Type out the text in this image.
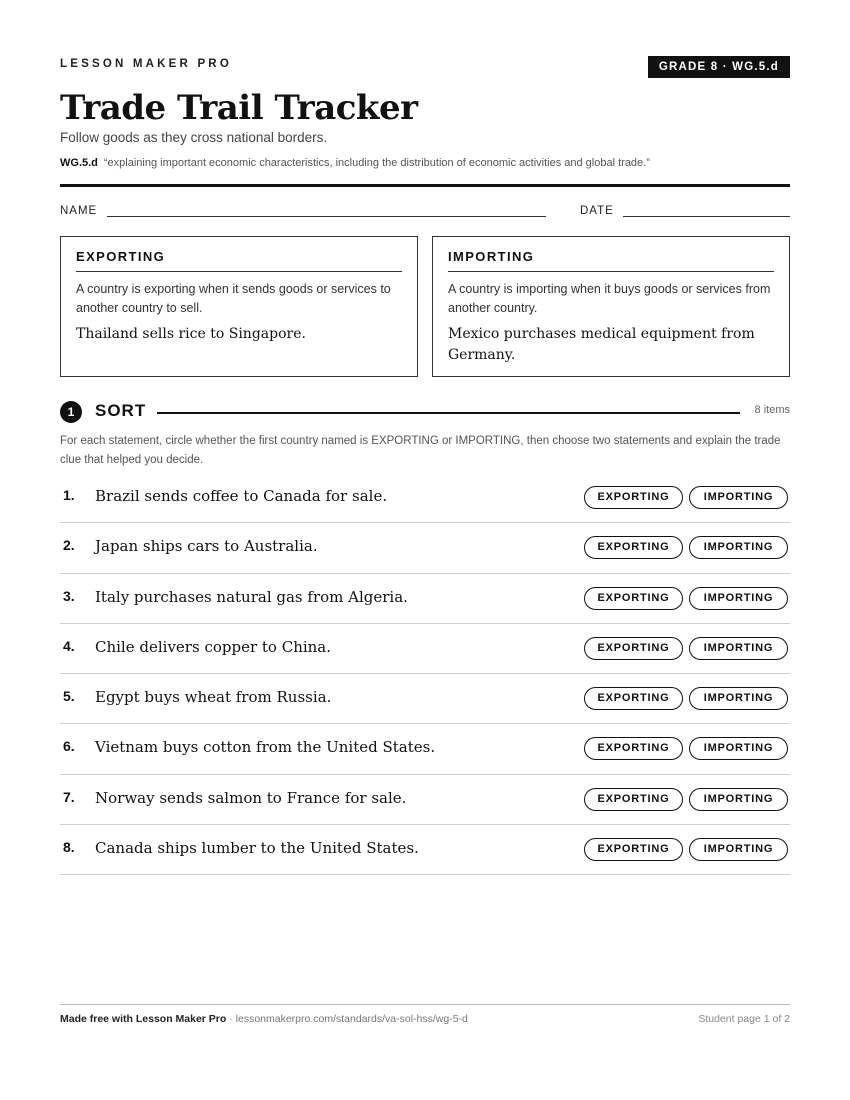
LESSON MAKER PRO	GRADE 8 · WG.5.d
Trade Trail Tracker
Follow goods as they cross national borders.
WG.5.d “explaining important economic characteristics, including the distribution of economic activities and global trade.”
NAME	DATE
EXPORTING
A country is exporting when it sends goods or services to another country to sell.
Thailand sells rice to Singapore.
IMPORTING
A country is importing when it buys goods or services from another country.
Mexico purchases medical equipment from Germany.
1	SORT	8 items
For each statement, circle whether the first country named is EXPORTING or IMPORTING, then choose two statements and explain the trade clue that helped you decide.
1. Brazil sends coffee to Canada for sale.	EXPORTING	IMPORTING
2. Japan ships cars to Australia.	EXPORTING	IMPORTING
3. Italy purchases natural gas from Algeria.	EXPORTING	IMPORTING
4. Chile delivers copper to China.	EXPORTING	IMPORTING
5. Egypt buys wheat from Russia.	EXPORTING	IMPORTING
6. Vietnam buys cotton from the United States.	EXPORTING	IMPORTING
7. Norway sends salmon to France for sale.	EXPORTING	IMPORTING
8. Canada ships lumber to the United States.	EXPORTING	IMPORTING
Made free with Lesson Maker Pro · lessonmakerpro.com/standards/va-sol-hss/wg-5-d	Student page 1 of 2
